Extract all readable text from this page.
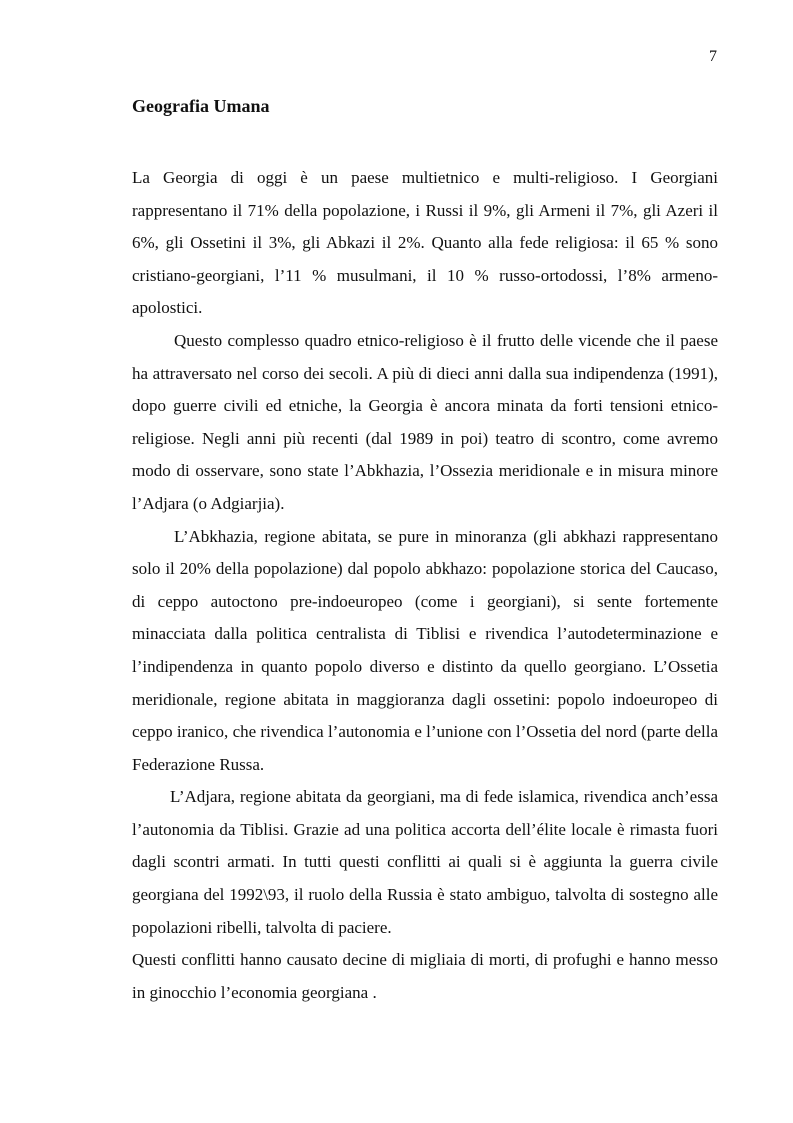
7
Geografia Umana

La Georgia di oggi è un paese multietnico e multi-religioso. I Georgiani rappresentano il 71% della popolazione, i Russi il 9%, gli Armeni il 7%, gli Azeri il 6%, gli Ossetini il 3%, gli Abkazi il 2%. Quanto alla fede religiosa: il 65 % sono cristiano-georgiani, l’11 % musulmani, il 10 % russo-ortodossi, l’8% armeno-apolostici.

Questo complesso quadro etnico-religioso è il frutto delle vicende che il paese ha attraversato nel corso dei secoli. A più di dieci anni dalla sua indipendenza (1991), dopo guerre civili ed etniche, la Georgia è ancora minata da forti tensioni etnico-religiose. Negli anni più recenti (dal 1989 in poi) teatro di scontro, come avremo modo di osservare, sono state l’Abkhazia, l’Ossezia meridionale e in misura minore l’Adjara (o Adgiarjia).

L’Abkhazia, regione abitata, se pure in minoranza (gli abkhazi rappresentano solo il 20% della popolazione) dal popolo abkhazo: popolazione storica del Caucaso, di ceppo autoctono pre-indoeuropeo (come i georgiani), si sente fortemente minacciata dalla politica centralista di Tiblisi e rivendica l’autodeterminazione e l’indipendenza in quanto popolo diverso e distinto da quello georgiano. L’Ossetia meridionale, regione abitata in maggioranza dagli ossetini: popolo indoeuropeo di ceppo iranico, che rivendica l’autonomia e l’unione con l’Ossetia del nord (parte della Federazione Russa.

L’Adjara, regione abitata da georgiani, ma di fede islamica, rivendica anch’essa l’autonomia da Tiblisi. Grazie ad una politica accorta dell’élite locale è rimasta fuori dagli scontri armati. In tutti questi conflitti ai quali si è aggiunta la guerra civile georgiana del 1992\93, il ruolo della Russia è stato ambiguo, talvolta di sostegno alle popolazioni ribelli, talvolta di paciere.

Questi conflitti hanno causato decine di migliaia di morti, di profughi e hanno messo in ginocchio l’economia georgiana .
